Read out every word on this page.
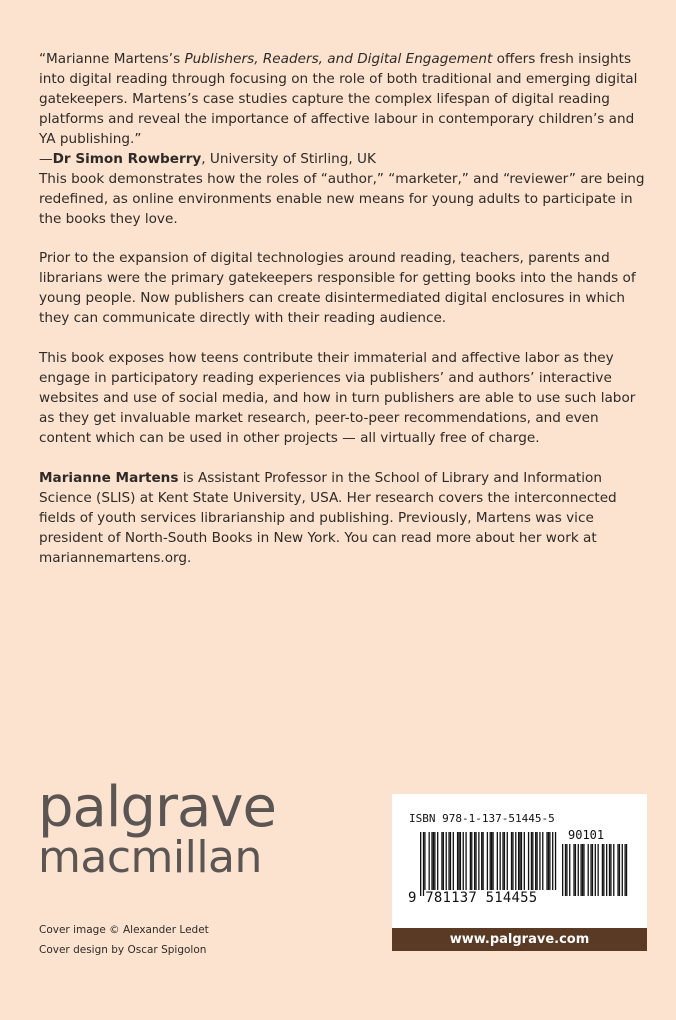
“Marianne Martens’s Publishers, Readers, and Digital Engagement offers fresh insights into digital reading through focusing on the role of both traditional and emerging digital gatekeepers. Martens’s case studies capture the complex lifespan of digital reading platforms and reveal the importance of affective labour in contemporary children’s and YA publishing.”

—Dr Simon Rowberry, University of Stirling, UK

This book demonstrates how the roles of “author,” “marketer,” and “reviewer” are being redefined, as online environments enable new means for young adults to participate in the books they love.

Prior to the expansion of digital technologies around reading, teachers, parents and librarians were the primary gatekeepers responsible for getting books into the hands of young people. Now publishers can create disintermediated digital enclosures in which they can communicate directly with their reading audience.

This book exposes how teens contribute their immaterial and affective labor as they engage in participatory reading experiences via publishers’ and authors’ interactive websites and use of social media, and how in turn publishers are able to use such labor as they get invaluable market research, peer-to-peer recommendations, and even content which can be used in other projects — all virtually free of charge.

Marianne Martens is Assistant Professor in the School of Library and Information Science (SLIS) at Kent State University, USA. Her research covers the interconnected fields of youth services librarianship and publishing. Previously, Martens was vice president of North-South Books in New York. You can read more about her work at mariannemartens.org.

palgrave
macmillan
Cover image © Alexander Ledet
Cover design by Oscar Spigolon
ISBN 978-1-137-51445-5
90101
9 781137 514455
www.palgrave.com
